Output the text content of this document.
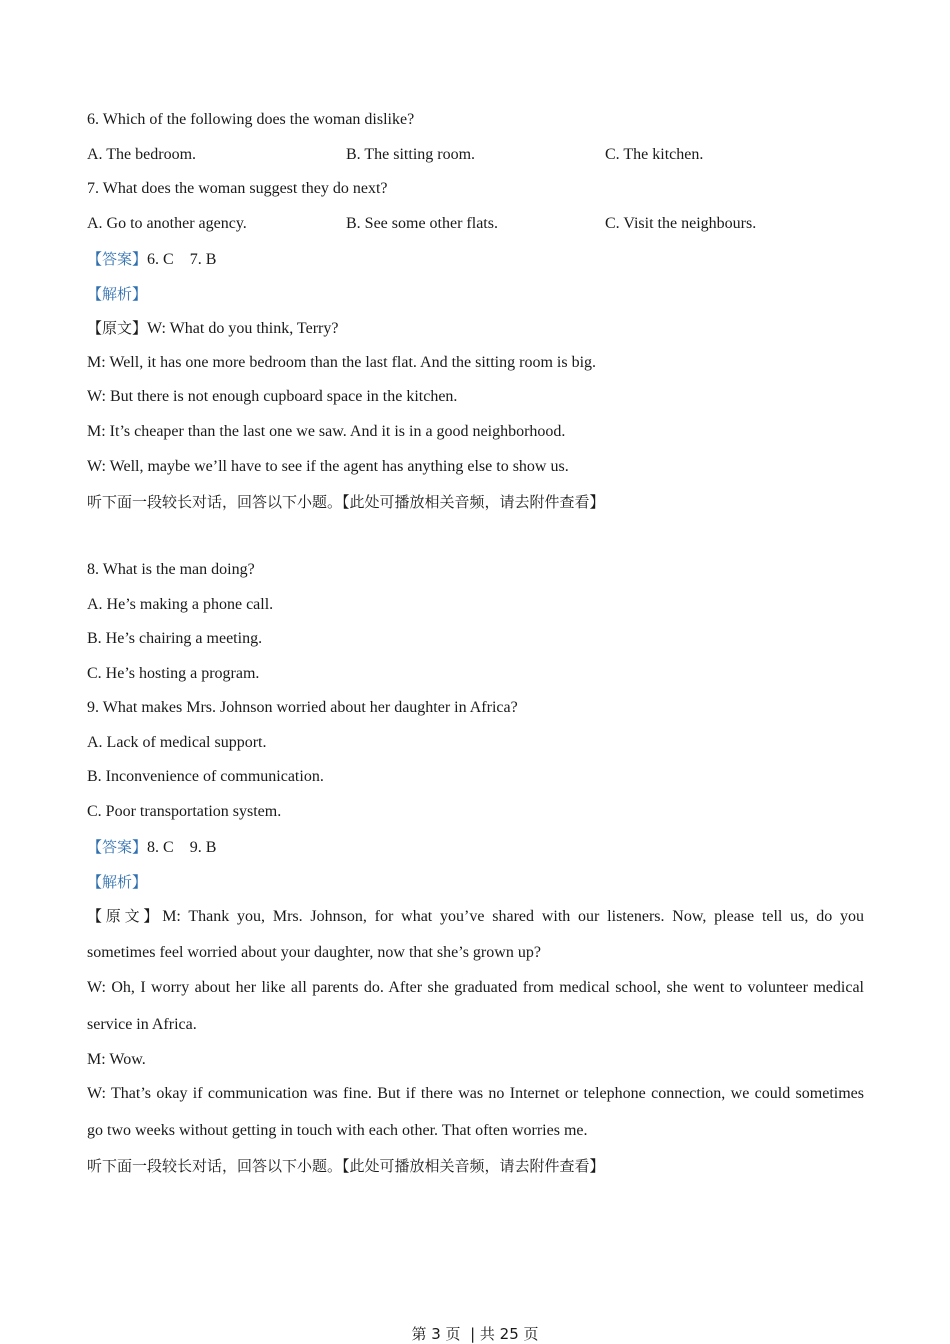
6. Which of the following does the woman dislike?
A. The bedroom.	B. The sitting room.	C. The kitchen.
7. What does the woman suggest they do next?
A. Go to another agency.	B. See some other flats.	C. Visit the neighbours.
【答案】6. C    7. B
【解析】
【原文】W: What do you think, Terry?
M: Well, it has one more bedroom than the last flat. And the sitting room is big.
W: But there is not enough cupboard space in the kitchen.
M: It’s cheaper than the last one we saw. And it is in a good neighborhood.
W: Well, maybe we’ll have to see if the agent has anything else to show us.
听下面一段较长对话，回答以下小题。【此处可播放相关音频，请去附件查看】
8. What is the man doing?
A. He’s making a phone call.
B. He’s chairing a meeting.
C. He’s hosting a program.
9. What makes Mrs. Johnson worried about her daughter in Africa?
A. Lack of medical support.
B. Inconvenience of communication.
C. Poor transportation system.
【答案】8. C    9. B
【解析】
【原文】M: Thank you, Mrs. Johnson, for what you’ve shared with our listeners. Now, please tell us, do you
sometimes feel worried about your daughter, now that she’s grown up?
W: Oh, I worry about her like all parents do. After she graduated from medical school, she went to volunteer medical
service in Africa.
M: Wow.
W: That’s okay if communication was fine. But if there was no Internet or telephone connection, we could sometimes
go two weeks without getting in touch with each other. That often worries me.
听下面一段较长对话，回答以下小题。【此处可播放相关音频，请去附件查看】
第 3 页  | 共 25 页
